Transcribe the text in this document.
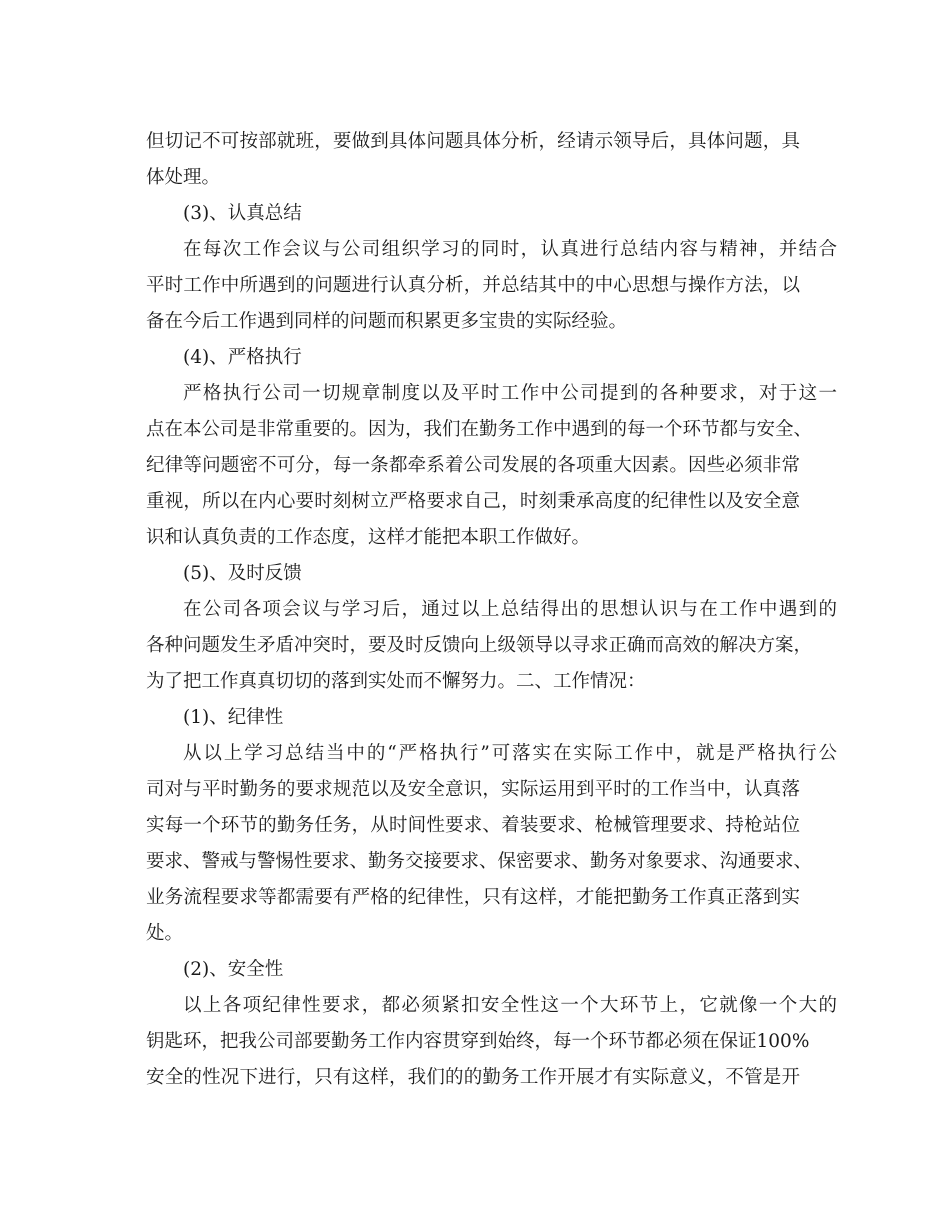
但切记不可按部就班，要做到具体问题具体分析，经请示领导后，具体问题，具
体处理。
(3)、认真总结
在每次工作会议与公司组织学习的同时，认真进行总结内容与精神，并结合
平时工作中所遇到的问题进行认真分析，并总结其中的中心思想与操作方法，以
备在今后工作遇到同样的问题而积累更多宝贵的实际经验。
(4)、严格执行
严格执行公司一切规章制度以及平时工作中公司提到的各种要求，对于这一
点在本公司是非常重要的。因为，我们在勤务工作中遇到的每一个环节都与安全、
纪律等问题密不可分，每一条都牵系着公司发展的各项重大因素。因些必须非常
重视，所以在内心要时刻树立严格要求自己，时刻秉承高度的纪律性以及安全意
识和认真负责的工作态度，这样才能把本职工作做好。
(5)、及时反馈
在公司各项会议与学习后，通过以上总结得出的思想认识与在工作中遇到的
各种问题发生矛盾冲突时，要及时反馈向上级领导以寻求正确而高效的解决方案，
为了把工作真真切切的落到实处而不懈努力。二、工作情况：
(1)、纪律性
从以上学习总结当中的“严格执行”可落实在实际工作中，就是严格执行公
司对与平时勤务的要求规范以及安全意识，实际运用到平时的工作当中，认真落
实每一个环节的勤务任务，从时间性要求、着装要求、枪械管理要求、持枪站位
要求、警戒与警惕性要求、勤务交接要求、保密要求、勤务对象要求、沟通要求、
业务流程要求等都需要有严格的纪律性，只有这样，才能把勤务工作真正落到实
处。
(2)、安全性
以上各项纪律性要求，都必须紧扣安全性这一个大环节上，它就像一个大的
钥匙环，把我公司部要勤务工作内容贯穿到始终，每一个环节都必须在保证100%
安全的性况下进行，只有这样，我们的的勤务工作开展才有实际意义，不管是开
